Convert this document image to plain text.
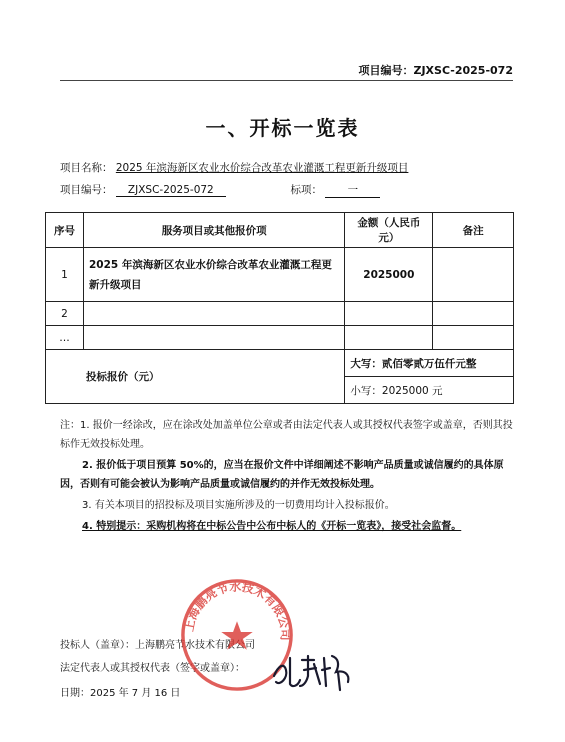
项目编号：ZJXSC-2025-072
一、开标一览表
项目名称： 2025 年滨海新区农业水价综合改革农业灌溉工程更新升级项目
项目编号： ZJXSC-2025-072	标项： 一
序号	服务项目或其他报价项	金额（人民币元）	备注
1	2025 年滨海新区农业水价综合改革农业灌溉工程更新升级项目	2025000	
2			
…			
投标报价（元）		大写：贰佰零贰万伍仟元整	
		小写：2025000 元	

注：1. 报价一经涂改，应在涂改处加盖单位公章或者由法定代表人或其授权代表签字或盖章，否则其投标作无效投标处理。

2. 报价低于项目预算 50%的，应当在报价文件中详细阐述不影响产品质量或诚信履约的具体原因，否则有可能会被认为影响产品质量或诚信履约的并作无效投标处理。

3. 有关本项目的招投标及项目实施所涉及的一切费用均计入投标报价。

4. 特别提示：采购机构将在中标公告中公布中标人的《开标一览表》，接受社会监督。

投标人（盖章）：上海鹏亮节水技术有限公司
法定代表人或其授权代表（签字或盖章）：
日期：2025 年 7 月 16 日
上海鹏亮节水技术有限公司
